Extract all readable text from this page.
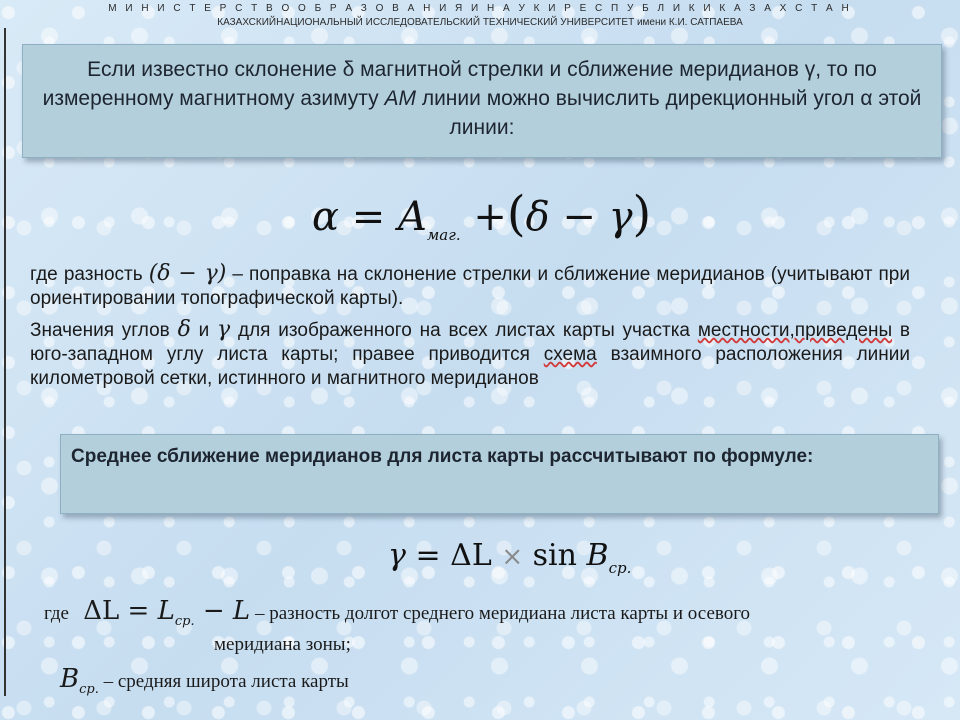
М И Н И С Т Е Р С Т В О О Б Р А З О В А Н И Я И Н А У К И Р Е С П У Б Л И К И К А З А Х С Т А Н
КАЗАХСКИЙНАЦИОНАЛЬНЫЙ ИССЛЕДОВАТЕЛЬСКИЙ ТЕХНИЧЕСКИЙ УНИВЕРСИТЕТ имени К.И. САТПАЕВА
Если известно склонение δ магнитной стрелки и сближение меридианов γ, то по измеренному магнитному азимуту АМ линии можно вычислить дирекционный угол α этой линии:
$\alpha = A_{маг.} +(\delta - \gamma)$
где разность (δ − γ) – поправка на склонение стрелки и сближение меридианов (учитывают при ориентировании топографической карты).
Значения углов δ и γ для изображенного на всех листах карты участка местности,приведены в юго-западном углу листа карты; правее приводится схема взаимного расположения линии километровой сетки, истинного и магнитного меридианов
Среднее сближение меридианов для листа карты рассчитывают по формуле:
$\gamma = \Delta L \times \sin B_{ср.}$
где $\Delta L = L_{ср.} - L$ – разность долгот среднего меридиана листа карты и осевого
меридиана зоны;
$B_{ср.}$ – средняя широта листа карты
